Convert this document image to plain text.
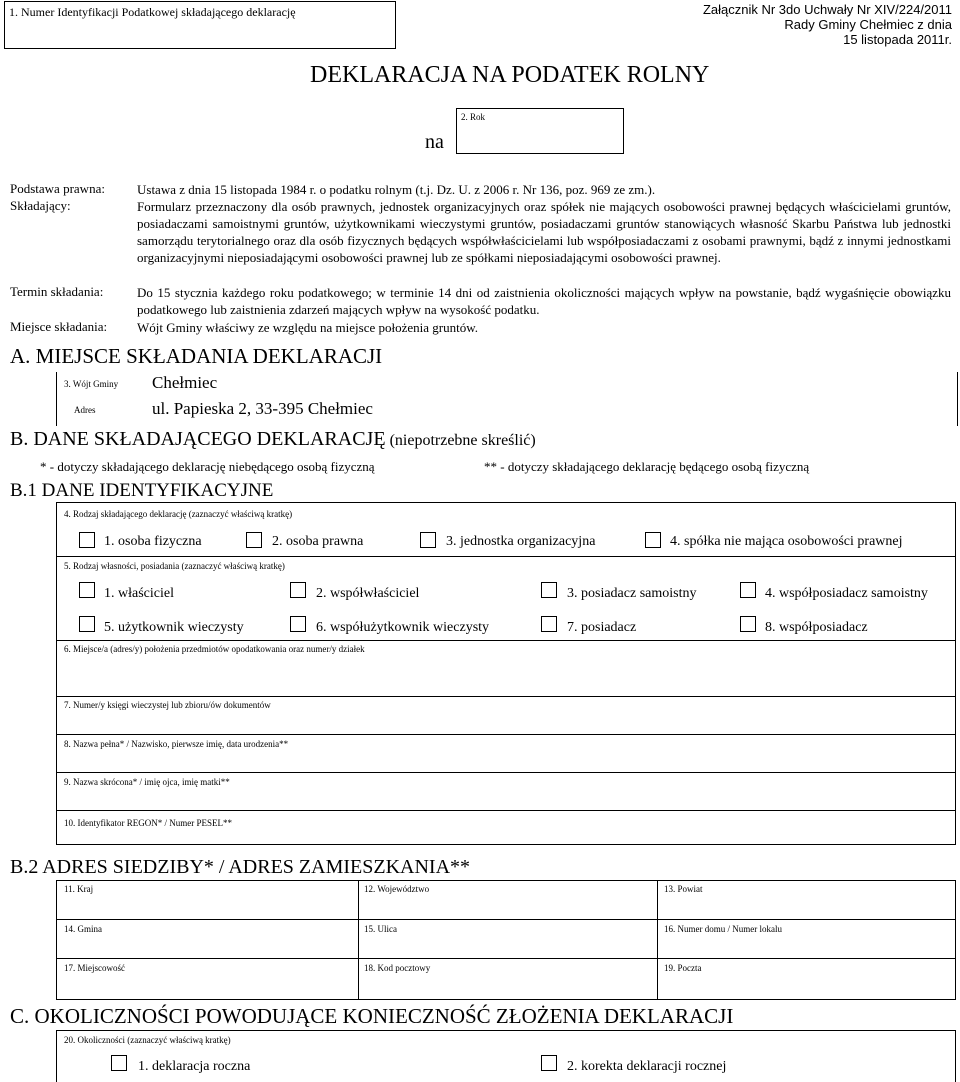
1. Numer Identyfikacji Podatkowej składającego deklarację	Załącznik Nr 3do Uchwały Nr XIV/224/2011
Rady Gminy Chełmiec z dnia
15 listopada 2011r.
DEKLARACJA NA PODATEK ROLNY
na
2. Rok
Podstawa prawna: Ustawa z dnia 15 listopada 1984 r. o podatku rolnym (t.j. Dz. U. z 2006 r. Nr 136, poz. 969 ze zm.).
Składający:	Formularz przeznaczony dla osób prawnych, jednostek organizacyjnych oraz spółek nie mających osobowości prawnej będących właścicielami gruntów, posiadaczami samoistnymi gruntów, użytkownikami wieczystymi gruntów, posiadaczami gruntów stanowiących własność Skarbu Państwa lub jednostki samorządu terytorialnego oraz dla osób fizycznych będących współwłaścicielami lub współposiadaczami z osobami prawnymi, bądź z innymi jednostkami organizacyjnymi nieposiadającymi osobowości prawnej lub ze spółkami nieposiadającymi osobowości prawnej.
Termin składania:	Do 15 stycznia każdego roku podatkowego; w terminie 14 dni od zaistnienia okoliczności mających wpływ na powstanie, bądź wygaśnięcie obowiązku podatkowego lub zaistnienia zdarzeń mających wpływ na wysokość podatku.
Miejsce składania: Wójt Gminy właściwy ze względu na miejsce położenia gruntów.
A. MIEJSCE SKŁADANIA DEKLARACJI
3. Wójt Gminy Chełmiec
Adres	ul. Papieska 2, 33-395 Chełmiec
B. DANE SKŁADAJĄCEGO DEKLARACJĘ (niepotrzebne skreślić)
* - dotyczy składającego deklarację niebędącego osobą fizyczną	** - dotyczy składającego deklarację będącego osobą fizyczną
B.1 DANE IDENTYFIKACYJNE
4. Rodzaj składającego deklarację (zaznaczyć właściwą kratkę)
1. osoba fizyczna	2. osoba prawna	3. jednostka organizacyjna	4. spółka nie mająca osobowości prawnej
5. Rodzaj własności, posiadania (zaznaczyć właściwą kratkę)
1. właściciel	2. współwłaściciel	3. posiadacz samoistny	4. współposiadacz samoistny
5. użytkownik wieczysty	6. współużytkownik wieczysty	7. posiadacz	8. współposiadacz
6. Miejsce/a (adres/y) położenia przedmiotów opodatkowania oraz numer/y działek
7. Numer/y księgi wieczystej lub zbioru/ów dokumentów
8. Nazwa pełna* / Nazwisko, pierwsze imię, data urodzenia**
9. Nazwa skrócona* / imię ojca, imię matki**
10. Identyfikator REGON* / Numer PESEL**
B.2 ADRES SIEDZIBY* / ADRES ZAMIESZKANIA**
11. Kraj	12. Województwo	13. Powiat
14. Gmina	15. Ulica	16. Numer domu / Numer lokalu
17. Miejscowość	18. Kod pocztowy	19. Poczta
C. OKOLICZNOŚCI POWODUJĄCE KONIECZNOŚĆ ZŁOŻENIA DEKLARACJI
20. Okoliczności (zaznaczyć właściwą kratkę)
1. deklaracja roczna	2. korekta deklaracji rocznej
